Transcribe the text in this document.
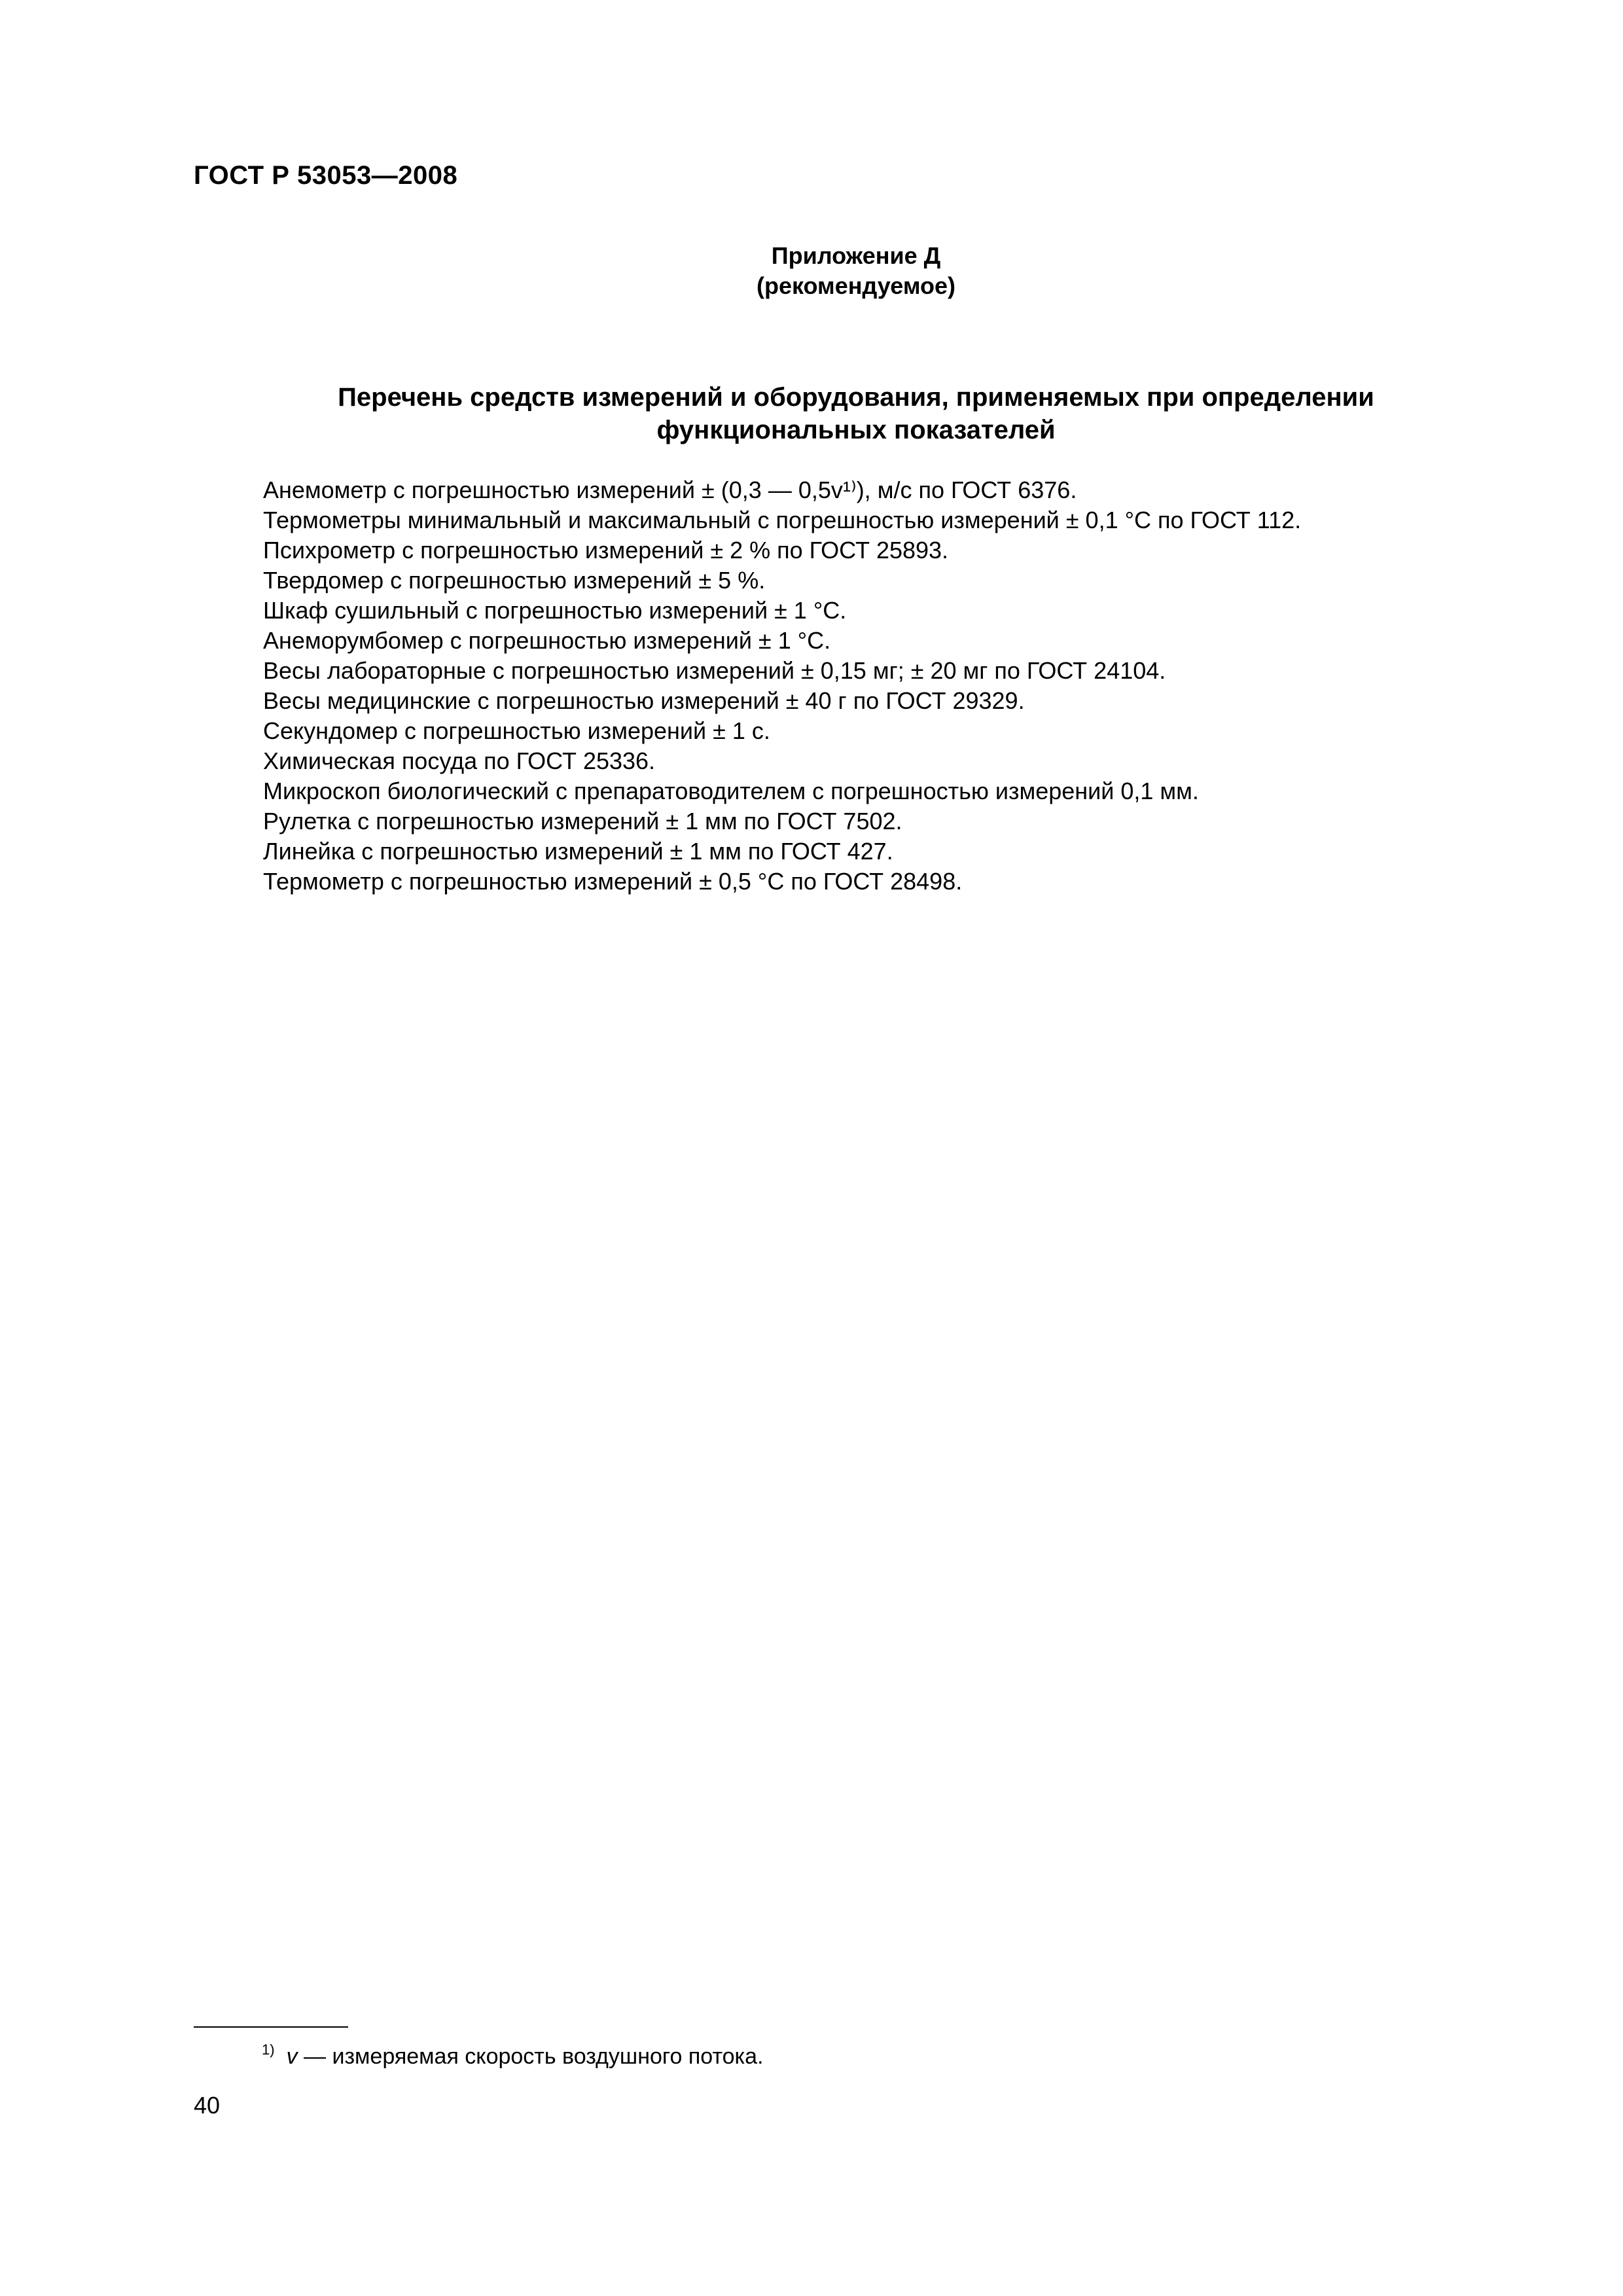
ГОСТ Р 53053—2008
Приложение Д
(рекомендуемое)
Перечень средств измерений и оборудования, применяемых при определении
функциональных показателей
Анемометр с погрешностью измерений ± (0,3 — 0,5v¹⁾), м/с по ГОСТ 6376.
Термометры минимальный и максимальный с погрешностью измерений ± 0,1 °С по ГОСТ 112.
Психрометр с погрешностью измерений ± 2 % по ГОСТ 25893.
Твердомер с погрешностью измерений ± 5 %.
Шкаф сушильный с погрешностью измерений ± 1 °С.
Анеморумбомер с погрешностью измерений ± 1 °С.
Весы лабораторные с погрешностью измерений ± 0,15 мг; ± 20 мг по ГОСТ 24104.
Весы медицинские с погрешностью измерений ± 40 г по ГОСТ 29329.
Секундомер с погрешностью измерений ± 1 с.
Химическая посуда по ГОСТ 25336.
Микроскоп биологический с препаратоводителем с погрешностью измерений 0,1 мм.
Рулетка с погрешностью измерений ± 1 мм по ГОСТ 7502.
Линейка с погрешностью измерений ± 1 мм по ГОСТ 427.
Термометр с погрешностью измерений ± 0,5 °С по ГОСТ 28498.
$^{1)}$ v — измеряемая скорость воздушного потока.
40
